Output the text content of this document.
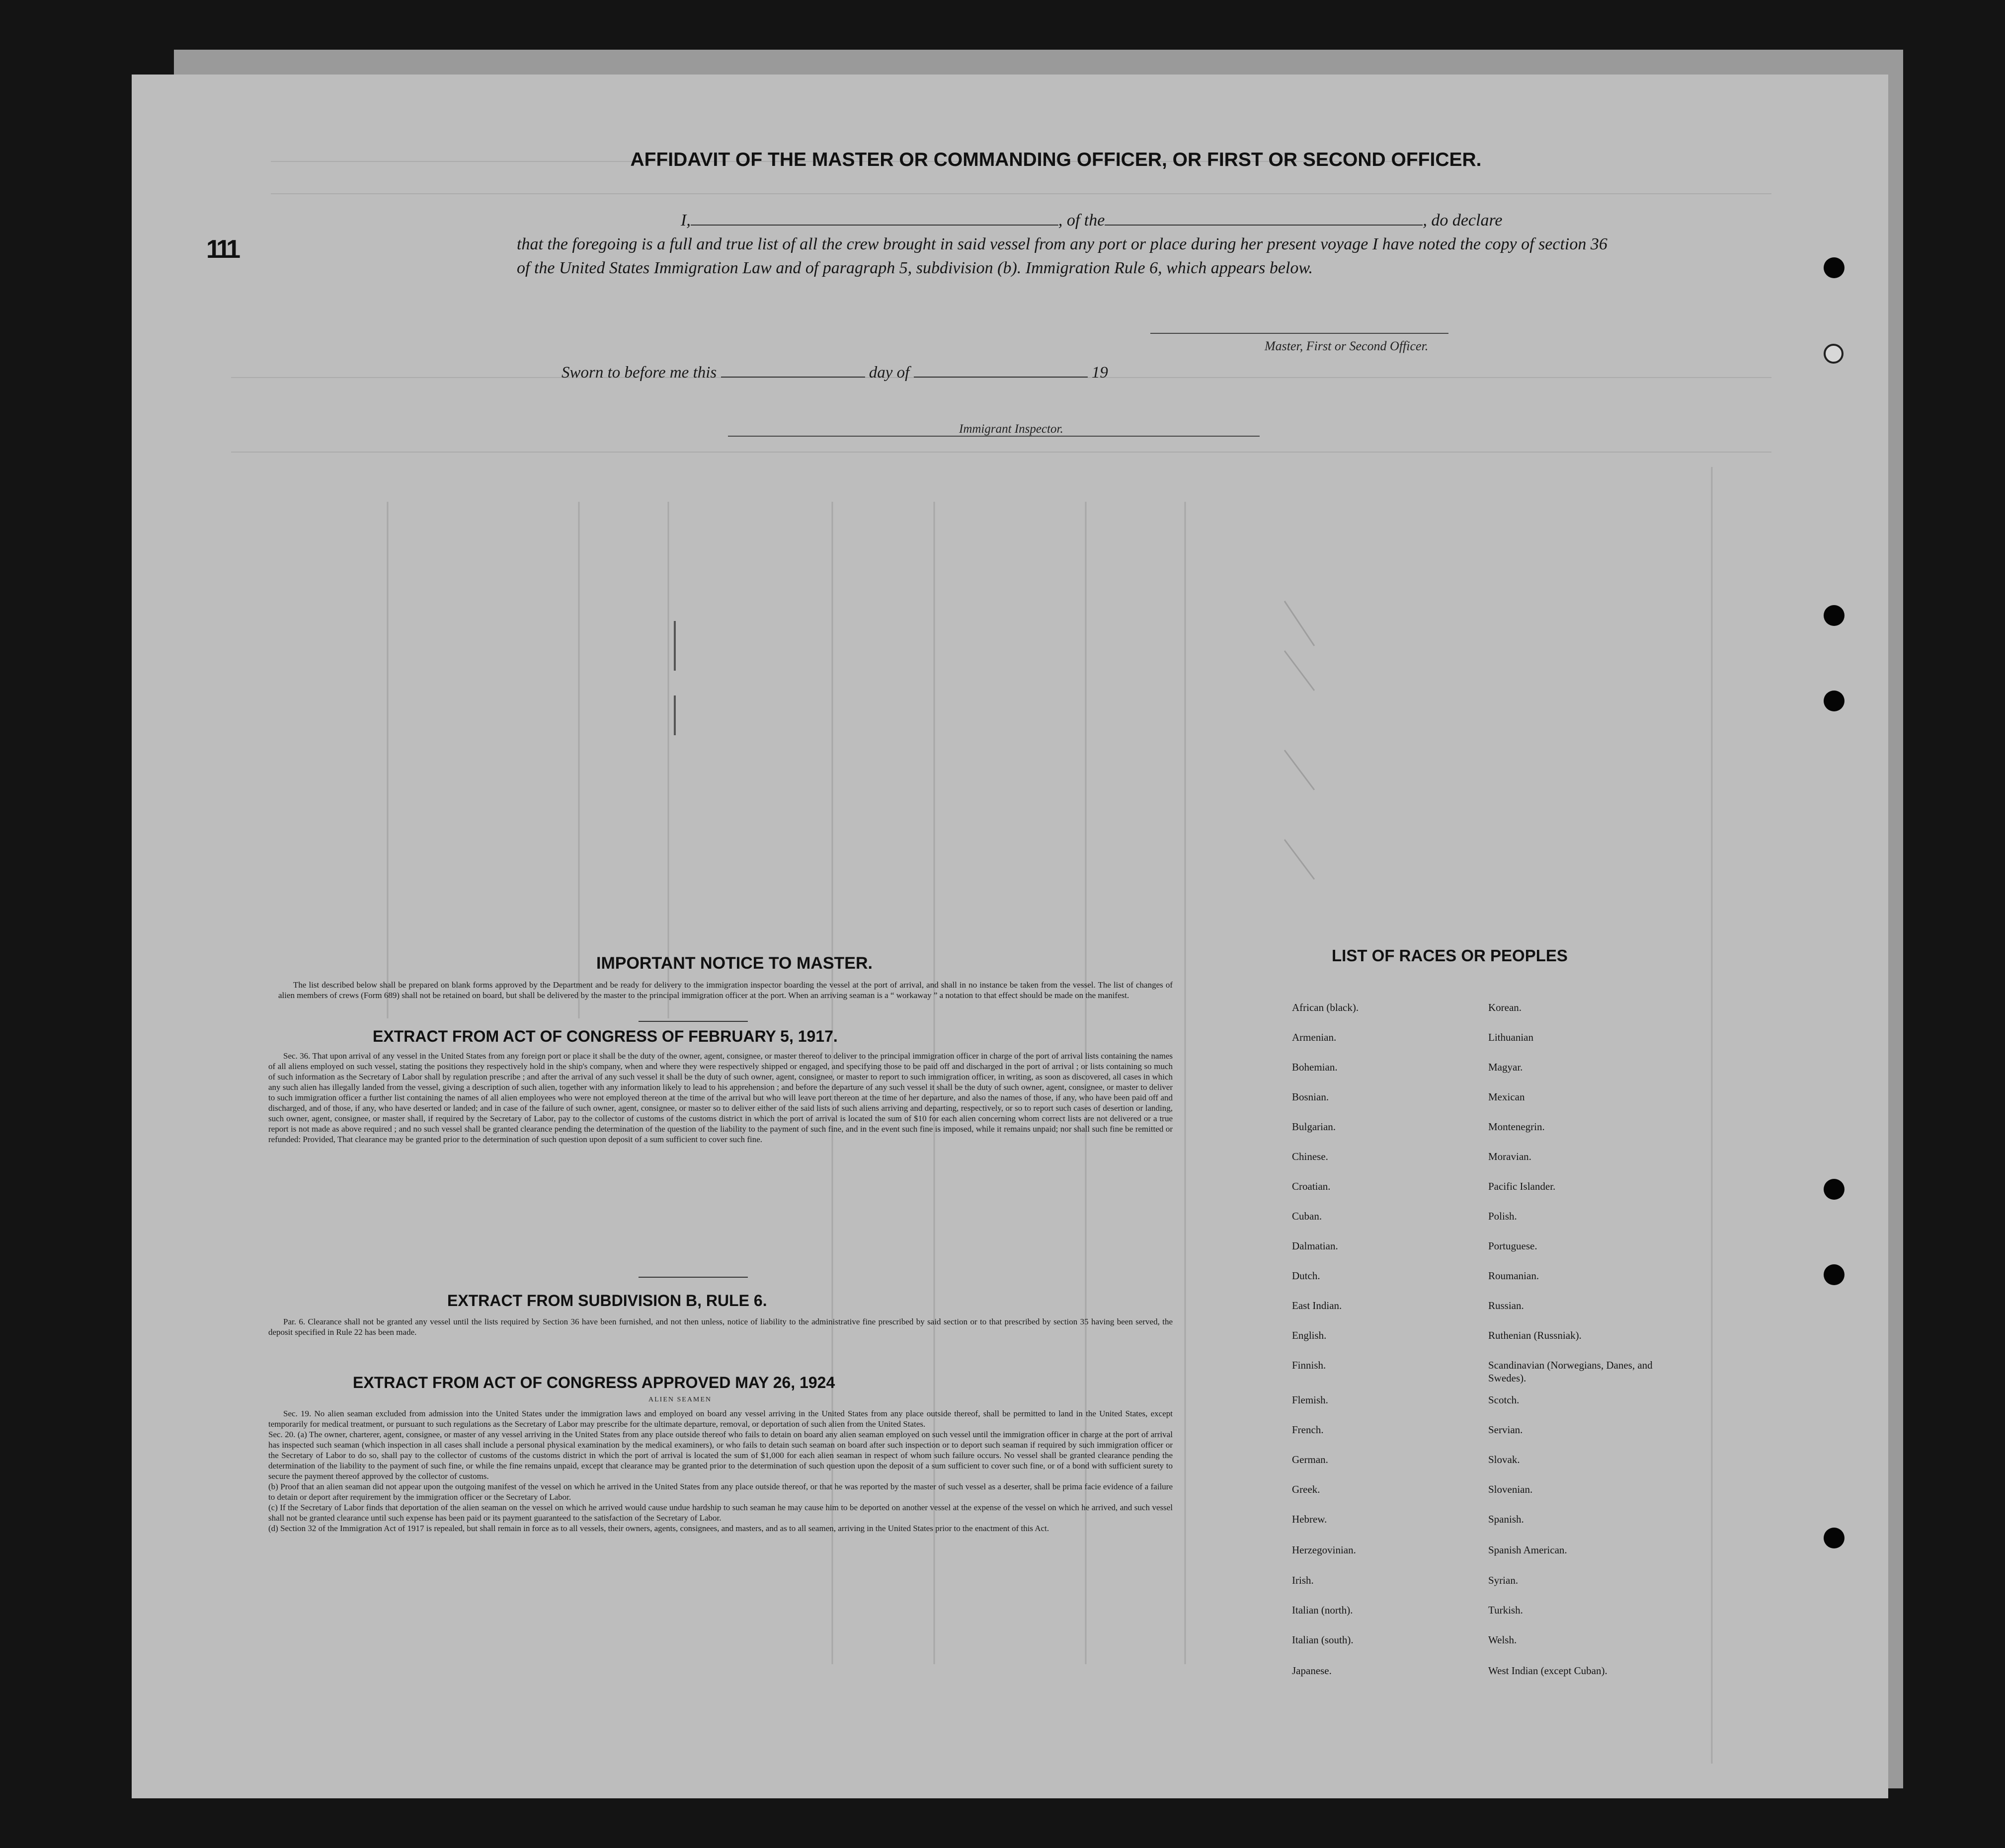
111
AFFIDAVIT OF THE MASTER OR COMMANDING OFFICER, OR FIRST OR SECOND OFFICER.
I,	, of the	, do declare
that the foregoing is a full and true list of all the crew brought in said vessel from any port or place during her present voyage I have noted the copy of section 36 of the United States Immigration Law and of paragraph 5, subdivision (b). Immigration Rule 6, which appears below.
Master, First or Second Officer.
Sworn to before me this	day of	19
Immigrant Inspector.
IMPORTANT NOTICE TO MASTER.
The list described below shall be prepared on blank forms approved by the Department and be ready for delivery to the immigration inspector boarding the vessel at the port of arrival, and shall in no instance be taken from the vessel. The list of changes of alien members of crews (Form 689) shall not be retained on board, but shall be delivered by the master to the principal immigration officer at the port. When an arriving seaman is a “ workaway ” a notation to that effect should be made on the manifest.
EXTRACT FROM ACT OF CONGRESS OF FEBRUARY 5, 1917.
Sec. 36. That upon arrival of any vessel in the United States from any foreign port or place it shall be the duty of the owner, agent, consignee, or master thereof to deliver to the principal immigration officer in charge of the port of arrival lists containing the names of all aliens employed on such vessel, stating the positions they respectively hold in the ship's company, when and where they were respectively shipped or engaged, and specifying those to be paid off and discharged in the port of arrival ; or lists containing so much of such information as the Secretary of Labor shall by regulation prescribe ; and after the arrival of any such vessel it shall be the duty of such owner, agent, consignee, or master to report to such immigration officer, in writing, as soon as discovered, all cases in which any such alien has illegally landed from the vessel, giving a description of such alien, together with any information likely to lead to his apprehension ; and before the departure of any such vessel it shall be the duty of such owner, agent, consignee, or master to deliver to such immigration officer a further list containing the names of all alien employees who were not employed thereon at the time of the arrival but who will leave port thereon at the time of her departure, and also the names of those, if any, who have been paid off and discharged, and of those, if any, who have deserted or landed; and in case of the failure of such owner, agent, consignee, or master so to deliver either of the said lists of such aliens arriving and departing, respectively, or so to report such cases of desertion or landing, such owner, agent, consignee, or master shall, if required by the Secretary of Labor, pay to the collector of customs of the customs district in which the port of arrival is located the sum of $10 for each alien concerning whom correct lists are not delivered or a true report is not made as above required ; and no such vessel shall be granted clearance pending the determination of the question of the liability to the payment of such fine, and in the event such fine is imposed, while it remains unpaid; nor shall such fine be remitted or refunded: Provided, That clearance may be granted prior to the determination of such question upon deposit of a sum sufficient to cover such fine.
EXTRACT FROM SUBDIVISION B, RULE 6.
Par. 6. Clearance shall not be granted any vessel until the lists required by Section 36 have been furnished, and not then unless, notice of liability to the administrative fine prescribed by said section or to that prescribed by section 35 having been served, the deposit specified in Rule 22 has been made.
EXTRACT FROM ACT OF CONGRESS APPROVED MAY 26, 1924
ALIEN SEAMEN
Sec. 19. No alien seaman excluded from admission into the United States under the immigration laws and employed on board any vessel arriving in the United States from any place outside thereof, shall be permitted to land in the United States, except temporarily for medical treatment, or pursuant to such regulations as the Secretary of Labor may prescribe for the ultimate departure, removal, or deportation of such alien from the United States.
Sec. 20. (a) The owner, charterer, agent, consignee, or master of any vessel arriving in the United States from any place outside thereof who fails to detain on board any alien seaman employed on such vessel until the immigration officer in charge at the port of arrival has inspected such seaman (which inspection in all cases shall include a personal physical examination by the medical examiners), or who fails to detain such seaman on board after such inspection or to deport such seaman if required by such immigration officer or the Secretary of Labor to do so, shall pay to the collector of customs of the customs district in which the port of arrival is located the sum of $1,000 for each alien seaman in respect of whom such failure occurs. No vessel shall be granted clearance pending the determination of the liability to the payment of such fine, or while the fine remains unpaid, except that clearance may be granted prior to the determination of such question upon the deposit of a sum sufficient to cover such fine, or of a bond with sufficient surety to secure the payment thereof approved by the collector of customs.
(b) Proof that an alien seaman did not appear upon the outgoing manifest of the vessel on which he arrived in the United States from any place outside thereof, or that he was reported by the master of such vessel as a deserter, shall be prima facie evidence of a failure to detain or deport after requirement by the immigration officer or the Secretary of Labor.
(c) If the Secretary of Labor finds that deportation of the alien seaman on the vessel on which he arrived would cause undue hardship to such seaman he may cause him to be deported on another vessel at the expense of the vessel on which he arrived, and such vessel shall not be granted clearance until such expense has been paid or its payment guaranteed to the satisfaction of the Secretary of Labor.
(d) Section 32 of the Immigration Act of 1917 is repealed, but shall remain in force as to all vessels, their owners, agents, consignees, and masters, and as to all seamen, arriving in the United States prior to the enactment of this Act.
LIST OF RACES OR PEOPLES
African (black).
Armenian.
Bohemian.
Bosnian.
Bulgarian.
Chinese.
Croatian.
Cuban.
Dalmatian.
Dutch.
East Indian.
English.
Finnish.
Flemish.
French.
German.
Greek.
Hebrew.
Herzegovinian.
Irish.
Italian (north).
Italian (south).
Japanese.
Korean.
Lithuanian
Magyar.
Mexican
Montenegrin.
Moravian.
Pacific Islander.
Polish.
Portuguese.
Roumanian.
Russian.
Ruthenian (Russniak).
Scandinavian (Norwegians, Danes, and Swedes).
Scotch.
Servian.
Slovak.
Slovenian.
Spanish.
Spanish American.
Syrian.
Turkish.
Welsh.
West Indian (except Cuban).
